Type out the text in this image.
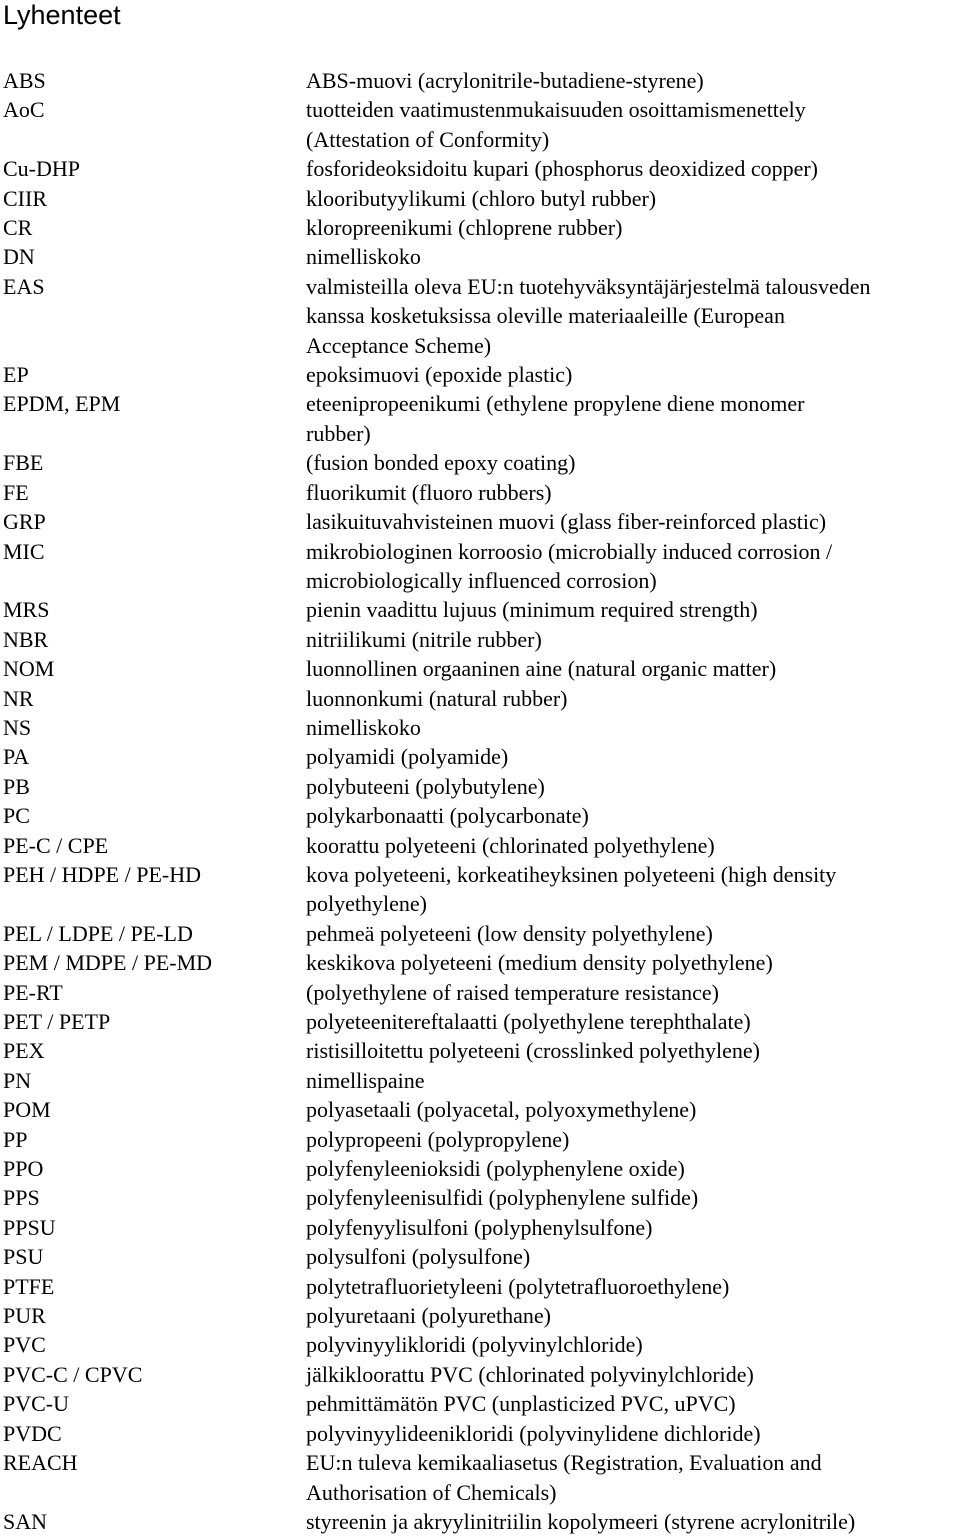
Lyhenteet
ABS	ABS-muovi (acrylonitrile-butadiene-styrene)
AoC	tuotteiden vaatimustenmukaisuuden osoittamismenettely
(Attestation of Conformity)
Cu-DHP	fosforideoksidoitu kupari (phosphorus deoxidized copper)
CIIR	klooributyylikumi (chloro butyl rubber)
CR	kloropreenikumi (chloprene rubber)
DN	nimelliskoko
EAS	valmisteilla oleva EU:n tuotehyväksyntäjärjestelmä talousveden
kanssa kosketuksissa oleville materiaaleille (European
Acceptance Scheme)
EP	epoksimuovi (epoxide plastic)
EPDM, EPM	eteenipropeenikumi (ethylene propylene diene monomer
rubber)
FBE	(fusion bonded epoxy coating)
FE	fluorikumit (fluoro rubbers)
GRP	lasikuituvahvisteinen muovi (glass fiber-reinforced plastic)
MIC	mikrobiologinen korroosio (microbially induced corrosion /
microbiologically influenced corrosion)
MRS	pienin vaadittu lujuus (minimum required strength)
NBR	nitriilikumi (nitrile rubber)
NOM	luonnollinen orgaaninen aine (natural organic matter)
NR	luonnonkumi (natural rubber)
NS	nimelliskoko
PA	polyamidi (polyamide)
PB	polybuteeni (polybutylene)
PC	polykarbonaatti (polycarbonate)
PE-C / CPE	koorattu polyeteeni (chlorinated polyethylene)
PEH / HDPE / PE-HD	kova polyeteeni, korkeatiheyksinen polyeteeni (high density
polyethylene)
PEL / LDPE / PE-LD	pehmeä polyeteeni (low density polyethylene)
PEM / MDPE / PE-MD	keskikova polyeteeni (medium density polyethylene)
PE-RT	(polyethylene of raised temperature resistance)
PET / PETP	polyeteenitereftalaatti (polyethylene terephthalate)
PEX	ristisilloitettu polyeteeni (crosslinked polyethylene)
PN	nimellispaine
POM	polyasetaali (polyacetal, polyoxymethylene)
PP	polypropeeni (polypropylene)
PPO	polyfenyleenioksidi (polyphenylene oxide)
PPS	polyfenyleenisulfidi (polyphenylene sulfide)
PPSU	polyfenyylisulfoni (polyphenylsulfone)
PSU	polysulfoni (polysulfone)
PTFE	polytetrafluorietyleeni (polytetrafluoroethylene)
PUR	polyuretaani (polyurethane)
PVC	polyvinyylikloridi (polyvinylchloride)
PVC-C / CPVC	jälkikloorattu PVC (chlorinated polyvinylchloride)
PVC-U	pehmittämätön PVC (unplasticized PVC, uPVC)
PVDC	polyvinyylideenikloridi (polyvinylidene dichloride)
REACH	EU:n tuleva kemikaaliasetus (Registration, Evaluation and
Authorisation of Chemicals)
SAN	styreenin ja akryylinitriilin kopolymeeri (styrene acrylonitrile)
